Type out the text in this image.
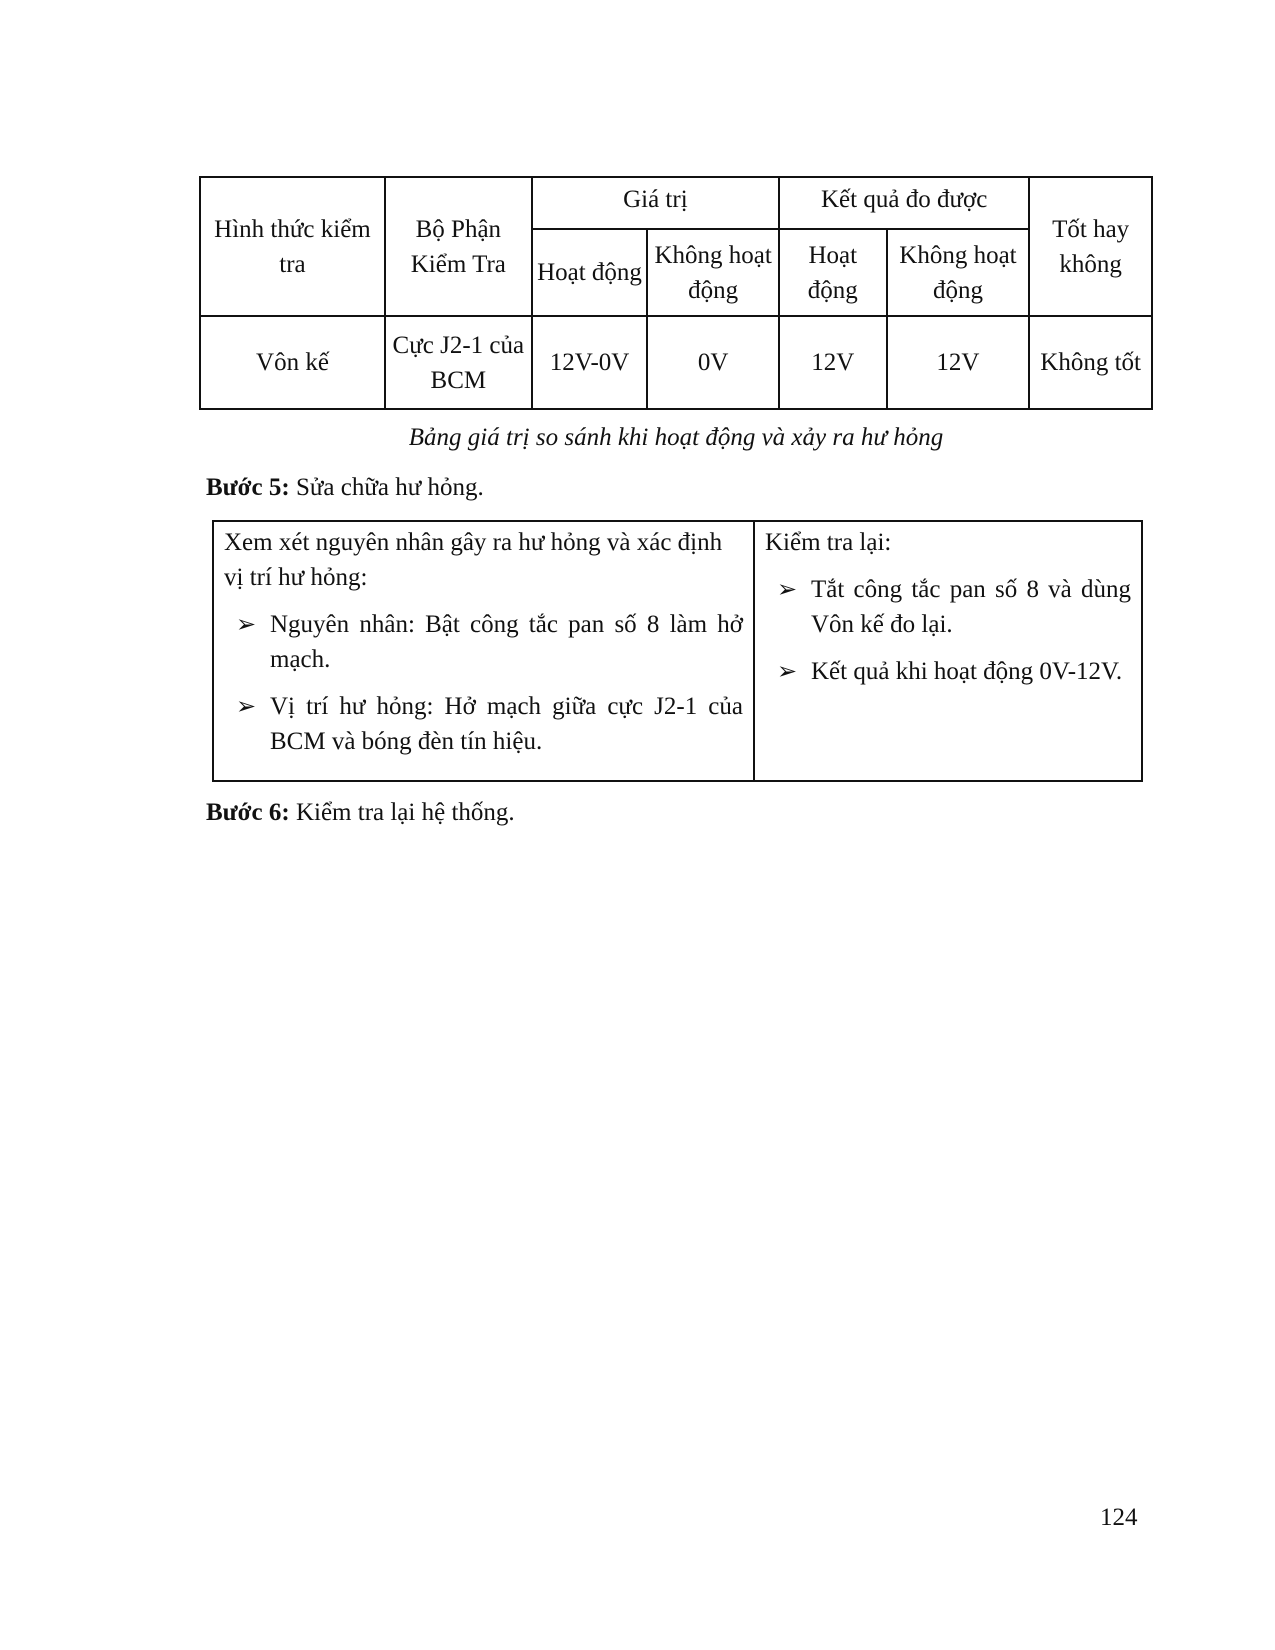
Hình thức kiểm tra	Bộ Phận Kiểm Tra	Giá trị		Kết quả đo được		Tốt hay không
		Hoạt động	Không hoạt động	Hoạt động	Không hoạt động	
Vôn kế	Cực J2-1 của BCM	12V-0V	0V	12V	12V	Không tốt
Bảng giá trị so sánh khi hoạt động và xảy ra hư hỏng
Bước 5: Sửa chữa hư hỏng.
Xem xét nguyên nhân gây ra hư hỏng và xác định vị trí hư hỏng:
➢ Nguyên nhân: Bật công tắc pan số 8 làm hở mạch.
➢ Vị trí hư hỏng: Hở mạch giữa cực J2-1 của BCM và bóng đèn tín hiệu.

Kiểm tra lại:
➢ Tắt công tắc pan số 8 và dùng Vôn kế đo lại.
➢ Kết quả khi hoạt động 0V-12V.
Bước 6: Kiểm tra lại hệ thống.
124
